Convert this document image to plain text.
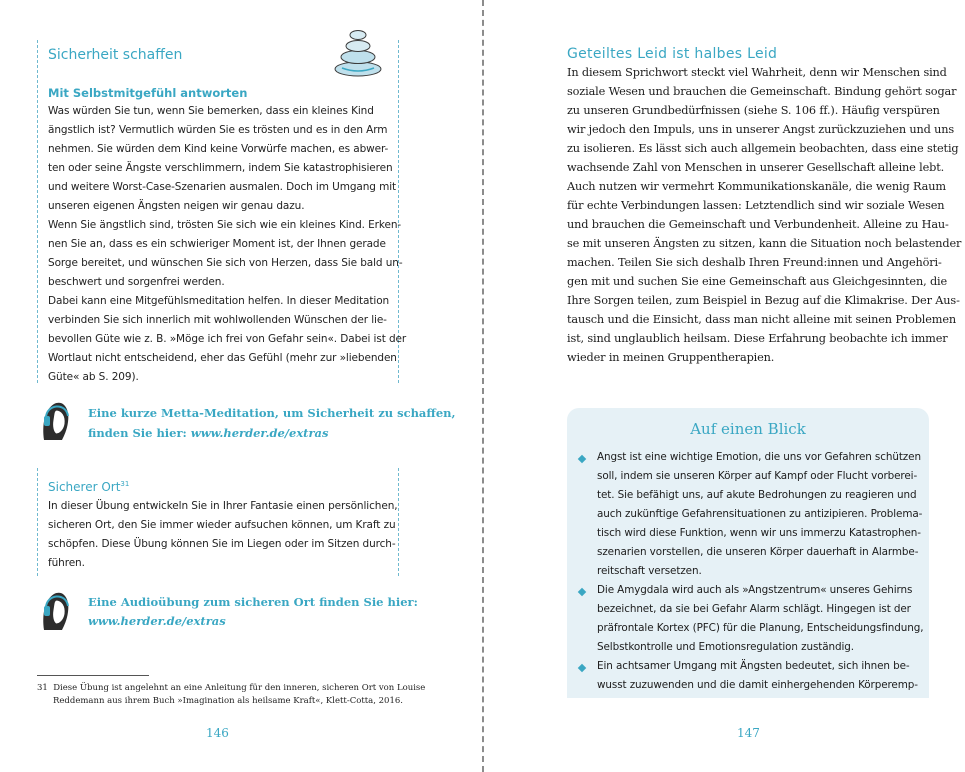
Sicherheit schaffen
Mit Selbstmitgefühl antworten
Was würden Sie tun, wenn Sie bemerken, dass ein kleines Kind
ängstlich ist? Vermutlich würden Sie es trösten und es in den Arm
nehmen. Sie würden dem Kind keine Vorwürfe machen, es abwer-
ten oder seine Ängste verschlimmern, indem Sie katastrophisieren
und weitere Worst-Case-Szenarien ausmalen. Doch im Umgang mit
unseren eigenen Ängsten neigen wir genau dazu.
Wenn Sie ängstlich sind, trösten Sie sich wie ein kleines Kind. Erken-
nen Sie an, dass es ein schwieriger Moment ist, der Ihnen gerade
Sorge bereitet, und wünschen Sie sich von Herzen, dass Sie bald un-
beschwert und sorgenfrei werden.
Dabei kann eine Mitgefühlsmeditation helfen. In dieser Meditation
verbinden Sie sich innerlich mit wohlwollenden Wünschen der lie-
bevollen Güte wie z. B. »Möge ich frei von Gefahr sein«. Dabei ist der
Wortlaut nicht entscheidend, eher das Gefühl (mehr zur »liebenden
Güte« ab S. 209).
Eine kurze Metta-Meditation, um Sicherheit zu schaffen,
finden Sie hier: www.herder.de/extras
Sicherer Ort$^{31}$
In dieser Übung entwickeln Sie in Ihrer Fantasie einen persönlichen,
sicheren Ort, den Sie immer wieder aufsuchen können, um Kraft zu
schöpfen. Diese Übung können Sie im Liegen oder im Sitzen durch-
führen.
Eine Audioübung zum sicheren Ort finden Sie hier:
www.herder.de/extras
31 Diese Übung ist angelehnt an eine Anleitung für den inneren, sicheren Ort von Louise
Reddemann aus ihrem Buch »Imagination als heilsame Kraft«, Klett-Cotta, 2016.
146
Geteiltes Leid ist halbes Leid
In diesem Sprichwort steckt viel Wahrheit, denn wir Menschen sind
soziale Wesen und brauchen die Gemeinschaft. Bindung gehört sogar
zu unseren Grundbedürfnissen (siehe S. 106 ff.). Häufig verspüren
wir jedoch den Impuls, uns in unserer Angst zurückzuziehen und uns
zu isolieren. Es lässt sich auch allgemein beobachten, dass eine stetig
wachsende Zahl von Menschen in unserer Gesellschaft alleine lebt.
Auch nutzen wir vermehrt Kommunikationskanäle, die wenig Raum
für echte Verbindungen lassen: Letztendlich sind wir soziale Wesen
und brauchen die Gemeinschaft und Verbundenheit. Alleine zu Hau-
se mit unseren Ängsten zu sitzen, kann die Situation noch belastender
machen. Teilen Sie sich deshalb Ihren Freund:innen und Angehöri-
gen mit und suchen Sie eine Gemeinschaft aus Gleichgesinnten, die
Ihre Sorgen teilen, zum Beispiel in Bezug auf die Klimakrise. Der Aus-
tausch und die Einsicht, dass man nicht alleine mit seinen Problemen
ist, sind unglaublich heilsam. Diese Erfahrung beobachte ich immer
wieder in meinen Gruppentherapien.
Auf einen Blick
Angst ist eine wichtige Emotion, die uns vor Gefahren schützen
soll, indem sie unseren Körper auf Kampf oder Flucht vorberei-
tet. Sie befähigt uns, auf akute Bedrohungen zu reagieren und
auch zukünftige Gefahrensituationen zu antizipieren. Problema-
tisch wird diese Funktion, wenn wir uns immerzu Katastrophen-
szenarien vorstellen, die unseren Körper dauerhaft in Alarmbe-
reitschaft versetzen.
Die Amygdala wird auch als »Angstzentrum« unseres Gehirns
bezeichnet, da sie bei Gefahr Alarm schlägt. Hingegen ist der
präfrontale Kortex (PFC) für die Planung, Entscheidungsfindung,
Selbstkontrolle und Emotionsregulation zuständig.
Ein achtsamer Umgang mit Ängsten bedeutet, sich ihnen be-
wusst zuzuwenden und die damit einhergehenden Körperemp-
147
